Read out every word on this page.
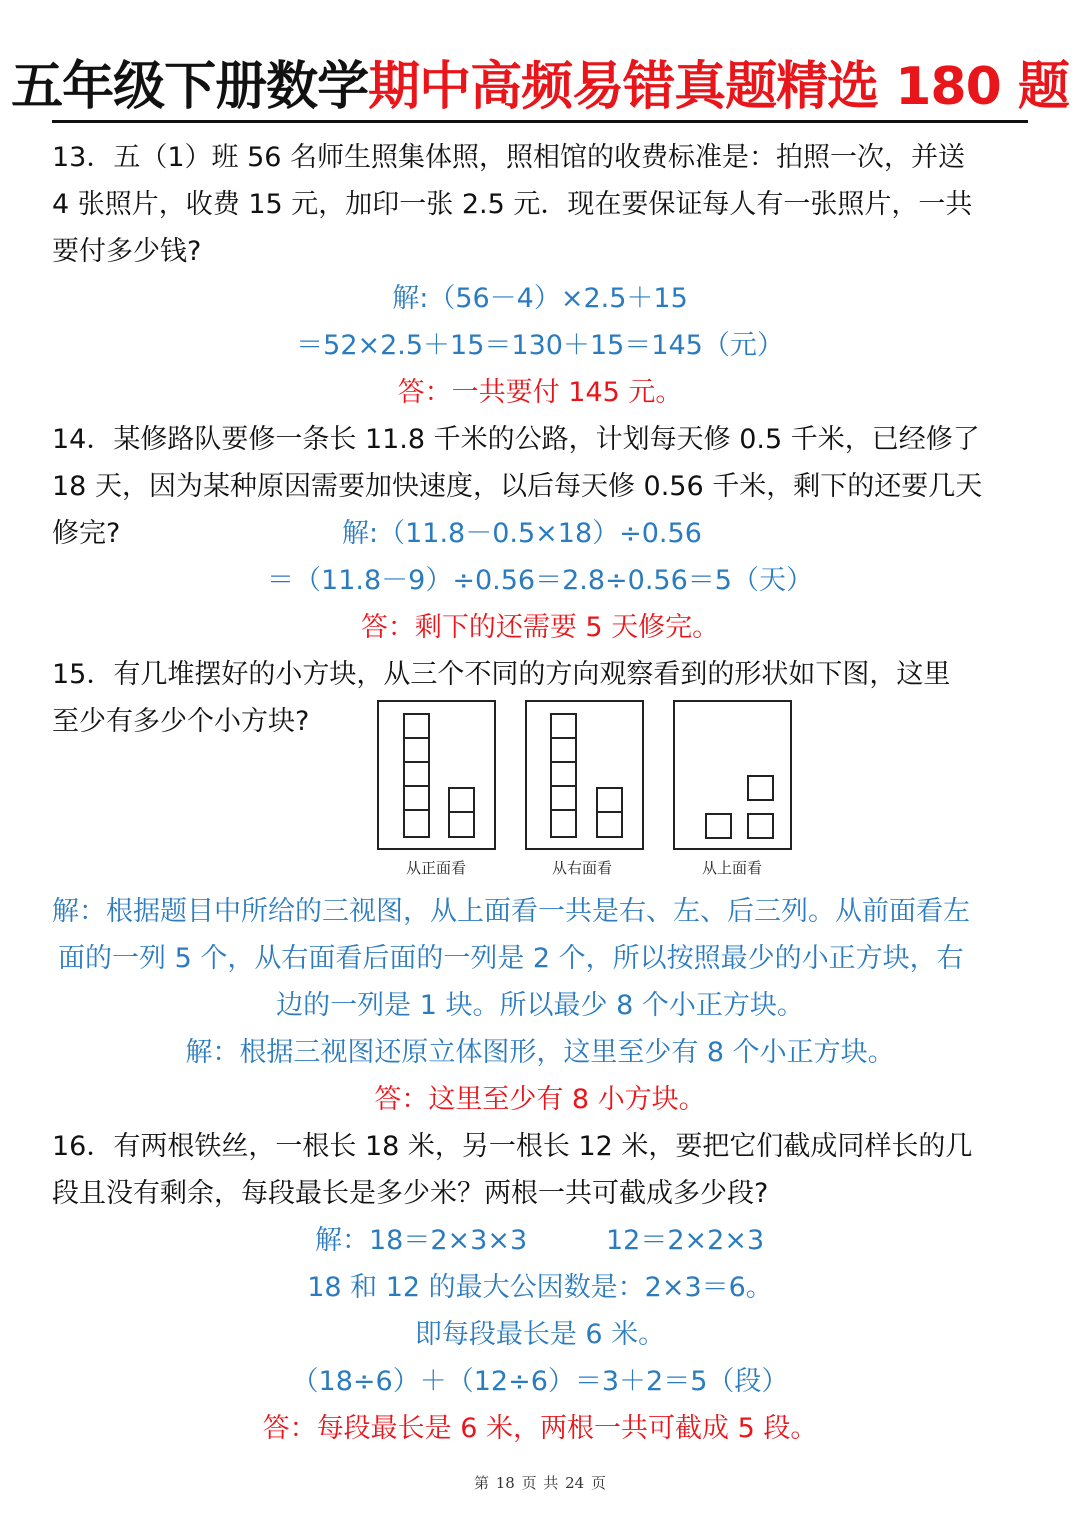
五年级下册数学期中高频易错真题精选 180 题
13．五（1）班 56 名师生照集体照，照相馆的收费标准是：拍照一次，并送
4 张照片，收费 15 元，加印一张 2.5 元．现在要保证每人有一张照片，一共
要付多少钱?
解:（56－4）×2.5＋15
＝52×2.5＋15＝130＋15＝145（元）
答：一共要付 145 元。
14．某修路队要修一条长 11.8 千米的公路，计划每天修 0.5 千米，已经修了
18 天，因为某种原因需要加快速度，以后每天修 0.56 千米，剩下的还要几天
修完?	解:（11.8－0.5×18）÷0.56
＝（11.8－9）÷0.56＝2.8÷0.56＝5（天）
答：剩下的还需要 5 天修完。
15．有几堆摆好的小方块，从三个不同的方向观察看到的形状如下图，这里
至少有多少个小方块?
从正面看	从右面看	从上面看
解：根据题目中所给的三视图，从上面看一共是右、左、后三列。从前面看左
面的一列 5 个，从右面看后面的一列是 2 个，所以按照最少的小正方块，右
边的一列是 1 块。所以最少 8 个小正方块。
解：根据三视图还原立体图形，这里至少有 8 个小正方块。
答：这里至少有 8 小方块。
16．有两根铁丝，一根长 18 米，另一根长 12 米，要把它们截成同样长的几
段且没有剩余，每段最长是多少米？两根一共可截成多少段?
解：18＝2×3×3	12＝2×2×3
18 和 12 的最大公因数是：2×3＝6。
即每段最长是 6 米。
（18÷6）＋（12÷6）＝3＋2＝5（段）
答：每段最长是 6 米，两根一共可截成 5 段。
第 18 页 共 24 页
